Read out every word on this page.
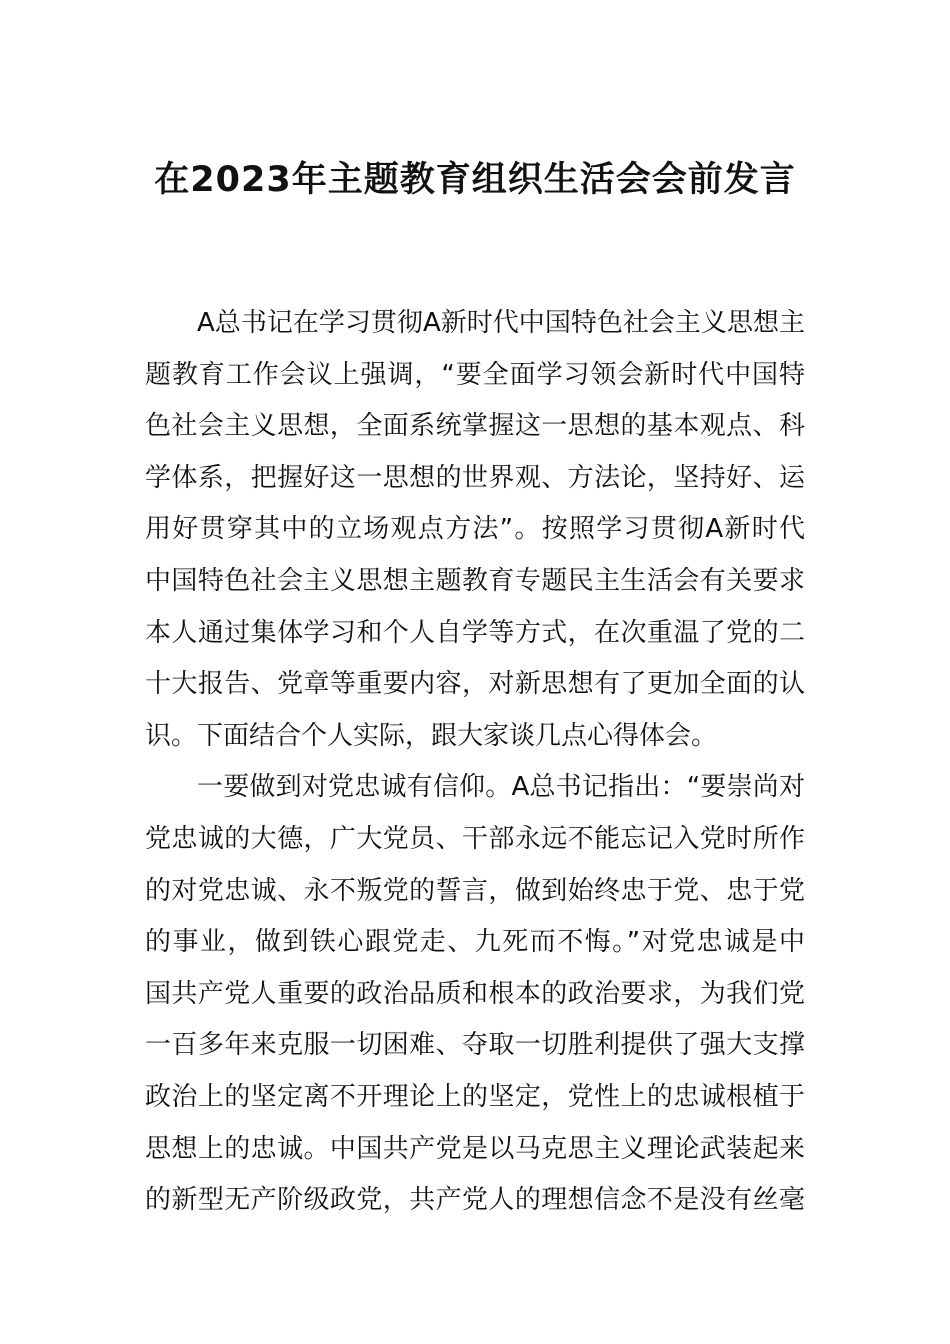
在2023年主题教育组织生活会会前发言
A总书记在学习贯彻A新时代中国特色社会主义思想主
题教育工作会议上强调，“要全面学习领会新时代中国特
色社会主义思想，全面系统掌握这一思想的基本观点、科
学体系，把握好这一思想的世界观、方法论，坚持好、运
用好贯穿其中的立场观点方法”。按照学习贯彻A新时代
中国特色社会主义思想主题教育专题民主生活会有关要求
本人通过集体学习和个人自学等方式，在次重温了党的二
十大报告、党章等重要内容，对新思想有了更加全面的认
识。下面结合个人实际，跟大家谈几点心得体会。
一要做到对党忠诚有信仰。A总书记指出：“要崇尚对
党忠诚的大德，广大党员、干部永远不能忘记入党时所作
的对党忠诚、永不叛党的誓言，做到始终忠于党、忠于党
的事业，做到铁心跟党走、九死而不悔。”对党忠诚是中
国共产党人重要的政治品质和根本的政治要求，为我们党
一百多年来克服一切困难、夺取一切胜利提供了强大支撑
政治上的坚定离不开理论上的坚定，党性上的忠诚根植于
思想上的忠诚。中国共产党是以马克思主义理论武装起来
的新型无产阶级政党，共产党人的理想信念不是没有丝毫
